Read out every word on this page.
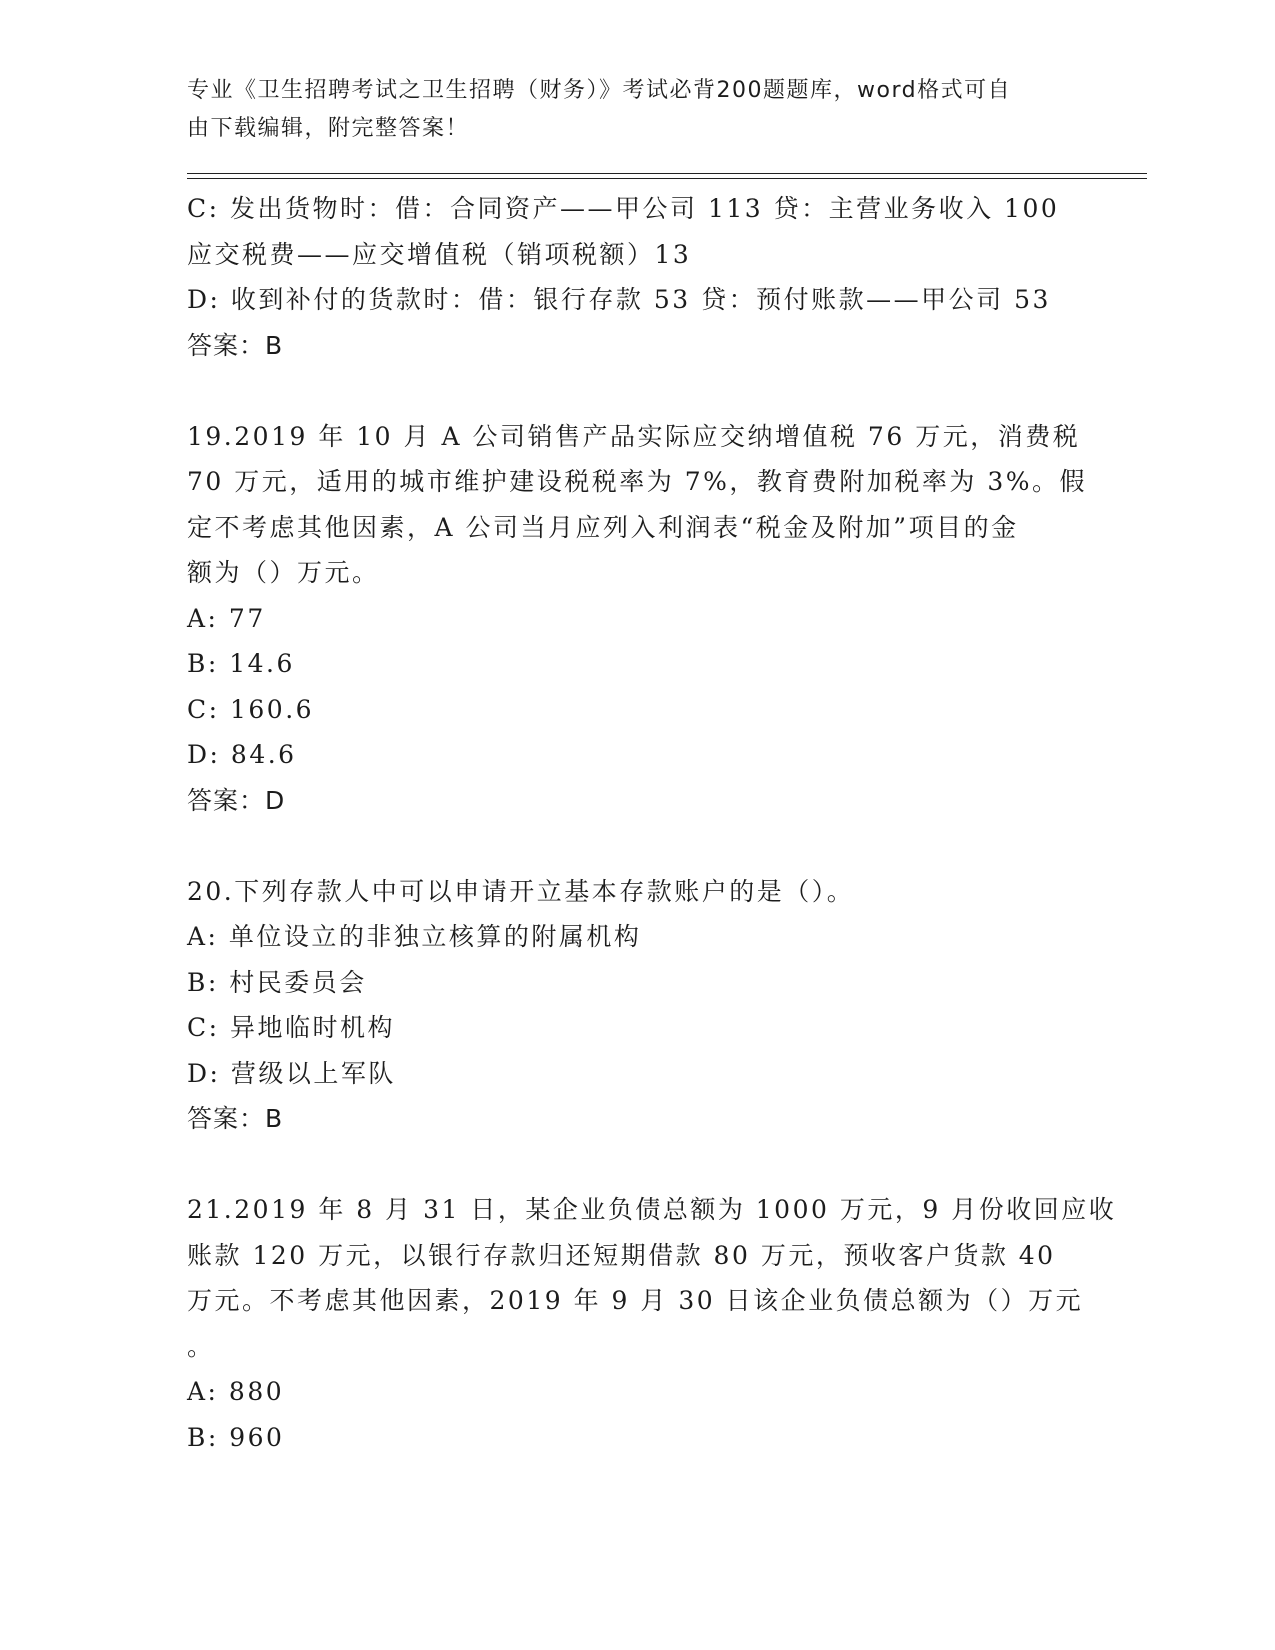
专业《卫生招聘考试之卫生招聘（财务）》考试必背200题题库，word格式可自
由下载编辑，附完整答案！
C: 发出货物时：借：合同资产——甲公司 113 贷：主营业务收入 100
应交税费——应交增值税（销项税额）13
D: 收到补付的货款时：借：银行存款 53 贷：预付账款——甲公司 53
答案：B
19.2019 年 10 月 A 公司销售产品实际应交纳增值税 76 万元，消费税
70 万元，适用的城市维护建设税税率为 7%，教育费附加税率为 3%。假
定不考虑其他因素，A 公司当月应列入利润表“税金及附加”项目的金
额为（）万元。
A: 77
B: 14.6
C: 160.6
D: 84.6
答案：D
20.下列存款人中可以申请开立基本存款账户的是（）。
A: 单位设立的非独立核算的附属机构
B: 村民委员会
C: 异地临时机构
D: 营级以上军队
答案：B
21.2019 年 8 月 31 日，某企业负债总额为 1000 万元，9 月份收回应收
账款 120 万元，以银行存款归还短期借款 80 万元，预收客户货款 40
万元。不考虑其他因素，2019 年 9 月 30 日该企业负债总额为（）万元
。
A: 880
B: 960
